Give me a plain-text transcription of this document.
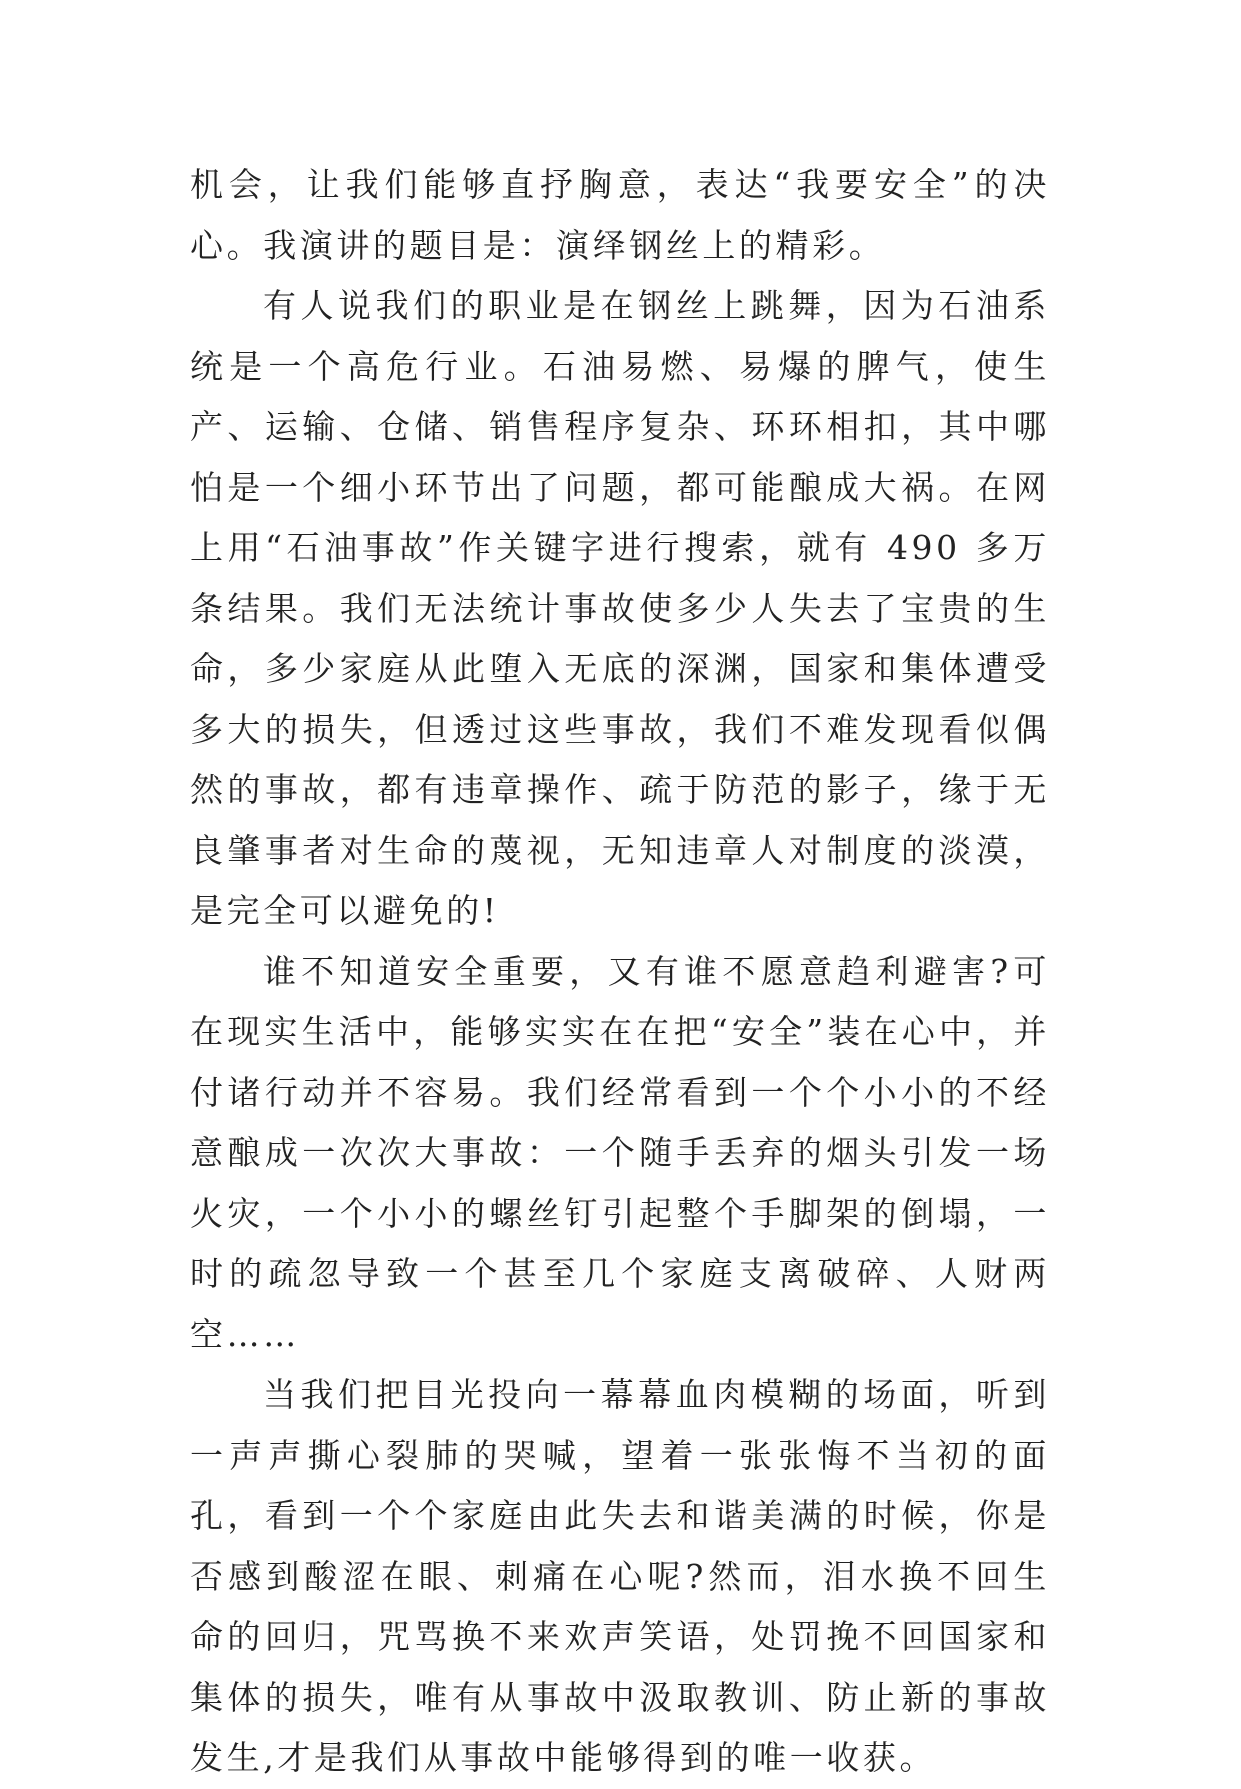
机会，让我们能够直抒胸意，表达“我要安全”的决心。我演讲的题目是：演绎钢丝上的精彩。

有人说我们的职业是在钢丝上跳舞，因为石油系统是一个高危行业。石油易燃、易爆的脾气，使生产、运输、仓储、销售程序复杂、环环相扣，其中哪怕是一个细小环节出了问题，都可能酿成大祸。在网上用“石油事故”作关键字进行搜索，就有 490 多万条结果。我们无法统计事故使多少人失去了宝贵的生命，多少家庭从此堕入无底的深渊，国家和集体遭受多大的损失，但透过这些事故，我们不难发现看似偶然的事故，都有违章操作、疏于防范的影子，缘于无良肇事者对生命的蔑视，无知违章人对制度的淡漠，是完全可以避免的!

谁不知道安全重要，又有谁不愿意趋利避害?可在现实生活中，能够实实在在把“安全”装在心中，并付诸行动并不容易。我们经常看到一个个小小的不经意酿成一次次大事故：一个随手丢弃的烟头引发一场火灾，一个小小的螺丝钉引起整个手脚架的倒塌，一时的疏忽导致一个甚至几个家庭支离破碎、人财两空……

当我们把目光投向一幕幕血肉模糊的场面，听到一声声撕心裂肺的哭喊，望着一张张悔不当初的面孔，看到一个个家庭由此失去和谐美满的时候，你是否感到酸涩在眼、刺痛在心呢?然而，泪水换不回生命的回归，咒骂换不来欢声笑语，处罚挽不回国家和集体的损失，唯有从事故中汲取教训、防止新的事故发生,才是我们从事故中能够得到的唯一收获。
